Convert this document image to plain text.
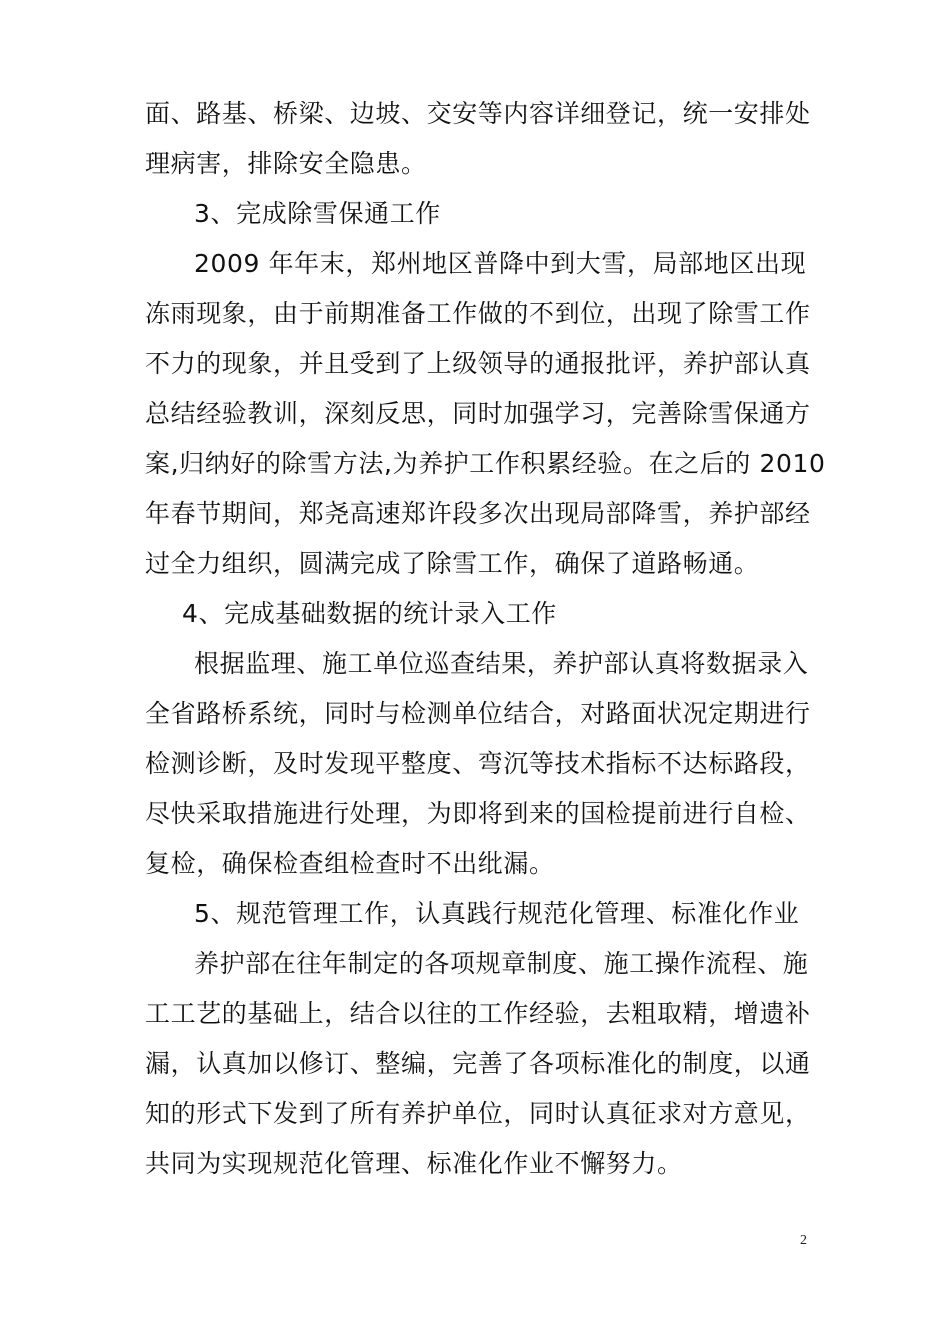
面、路基、桥梁、边坡、交安等内容详细登记，统一安排处
理病害，排除安全隐患。
3、完成除雪保通工作
2009 年年末，郑州地区普降中到大雪，局部地区出现
冻雨现象，由于前期准备工作做的不到位，出现了除雪工作
不力的现象，并且受到了上级领导的通报批评，养护部认真
总结经验教训，深刻反思，同时加强学习，完善除雪保通方
案,归纳好的除雪方法,为养护工作积累经验。在之后的 2010
年春节期间，郑尧高速郑许段多次出现局部降雪，养护部经
过全力组织，圆满完成了除雪工作，确保了道路畅通。
4、完成基础数据的统计录入工作
根据监理、施工单位巡查结果，养护部认真将数据录入
全省路桥系统，同时与检测单位结合，对路面状况定期进行
检测诊断，及时发现平整度、弯沉等技术指标不达标路段，
尽快采取措施进行处理，为即将到来的国检提前进行自检、
复检，确保检查组检查时不出纰漏。
5、规范管理工作，认真践行规范化管理、标准化作业
养护部在往年制定的各项规章制度、施工操作流程、施
工工艺的基础上，结合以往的工作经验，去粗取精，增遗补
漏，认真加以修订、整编，完善了各项标准化的制度，以通
知的形式下发到了所有养护单位，同时认真征求对方意见，
共同为实现规范化管理、标准化作业不懈努力。
2
